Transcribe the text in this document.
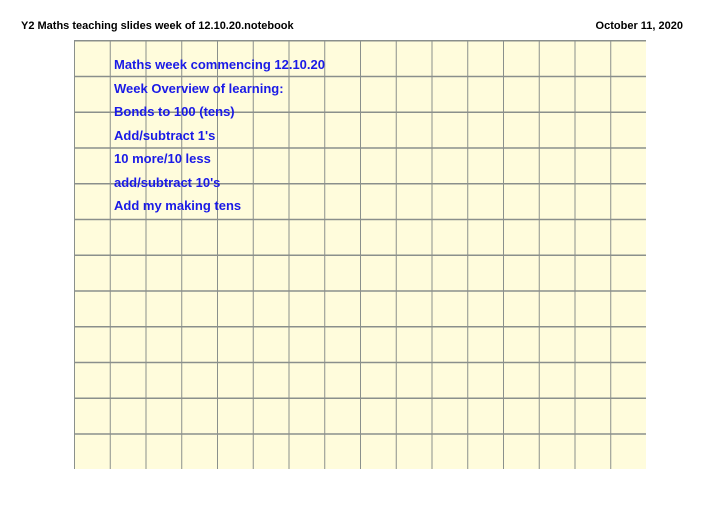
Y2 Maths teaching slides week of 12.10.20.notebook	October 11, 2020
Maths week commencing 12.10.20
Week Overview of learning:
Bonds to 100 (tens)
Add/subtract 1's
10 more/10 less
add/subtract 10's
Add my making tens
